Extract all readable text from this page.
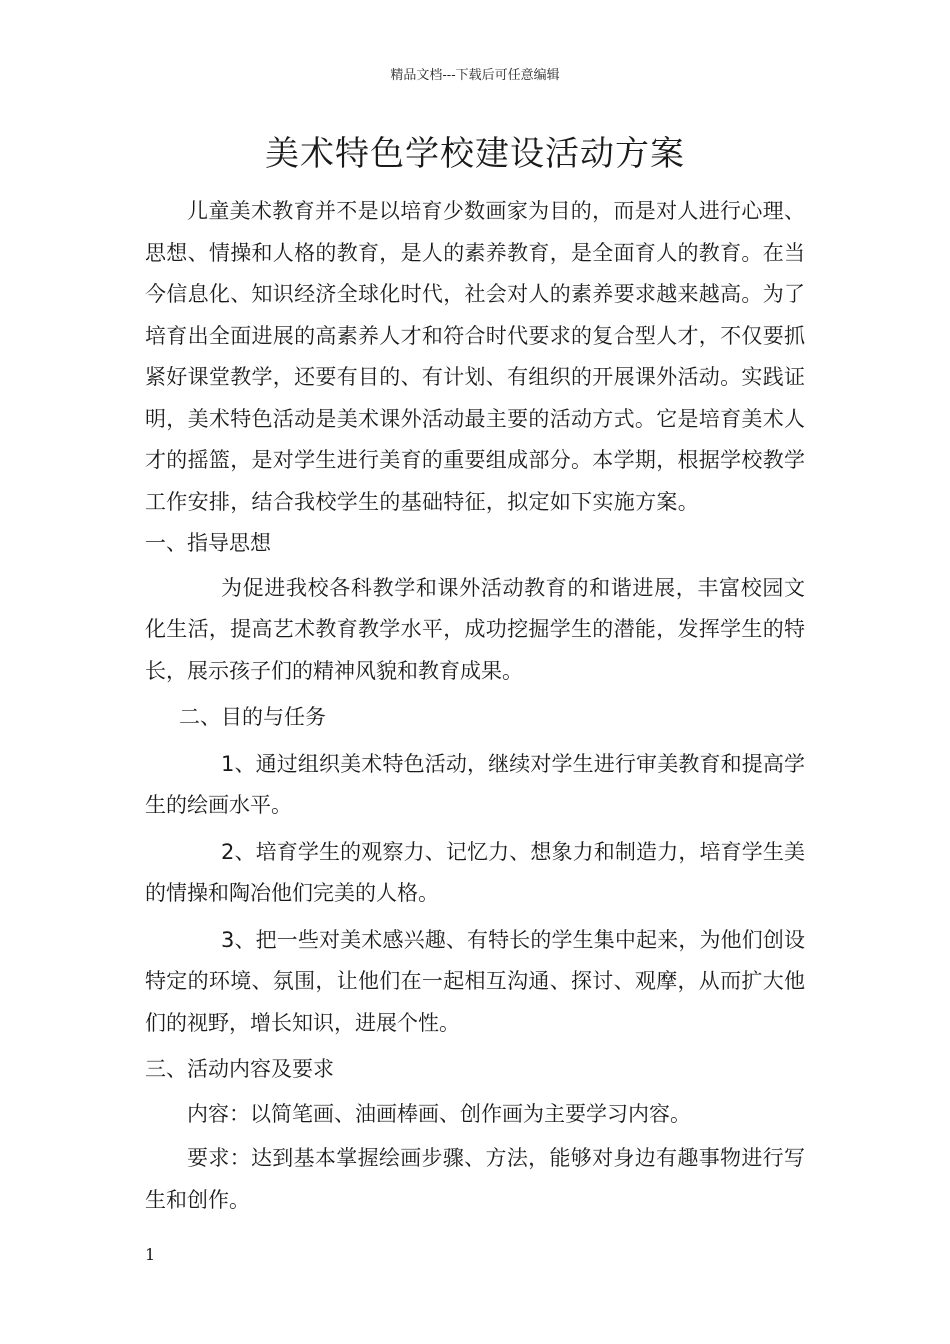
精品文档---下载后可任意编辑
美术特色学校建设活动方案

儿童美术教育并不是以培育少数画家为目的，而是对人进行心理、思想、情操和人格的教育，是人的素养教育，是全面育人的教育。在当今信息化、知识经济全球化时代，社会对人的素养要求越来越高。为了培育出全面进展的高素养人才和符合时代要求的复合型人才，不仅要抓紧好课堂教学，还要有目的、有计划、有组织的开展课外活动。实践证明，美术特色活动是美术课外活动最主要的活动方式。它是培育美术人才的摇篮，是对学生进行美育的重要组成部分。本学期，根据学校教学工作安排，结合我校学生的基础特征，拟定如下实施方案。一、指导思想

为促进我校各科教学和课外活动教育的和谐进展，丰富校园文化生活，提高艺术教育教学水平，成功挖掘学生的潜能，发挥学生的特长，展示孩子们的精神风貌和教育成果。

二、目的与任务

1、通过组织美术特色活动，继续对学生进行审美教育和提高学生的绘画水平。

2、培育学生的观察力、记忆力、想象力和制造力，培育学生美的情操和陶冶他们完美的人格。

3、把一些对美术感兴趣、有特长的学生集中起来，为他们创设特定的环境、氛围，让他们在一起相互沟通、探讨、观摩，从而扩大他们的视野，增长知识，进展个性。

三、活动内容及要求

内容：以简笔画、油画棒画、创作画为主要学习内容。

要求：达到基本掌握绘画步骤、方法，能够对身边有趣事物进行写生和创作。

1
